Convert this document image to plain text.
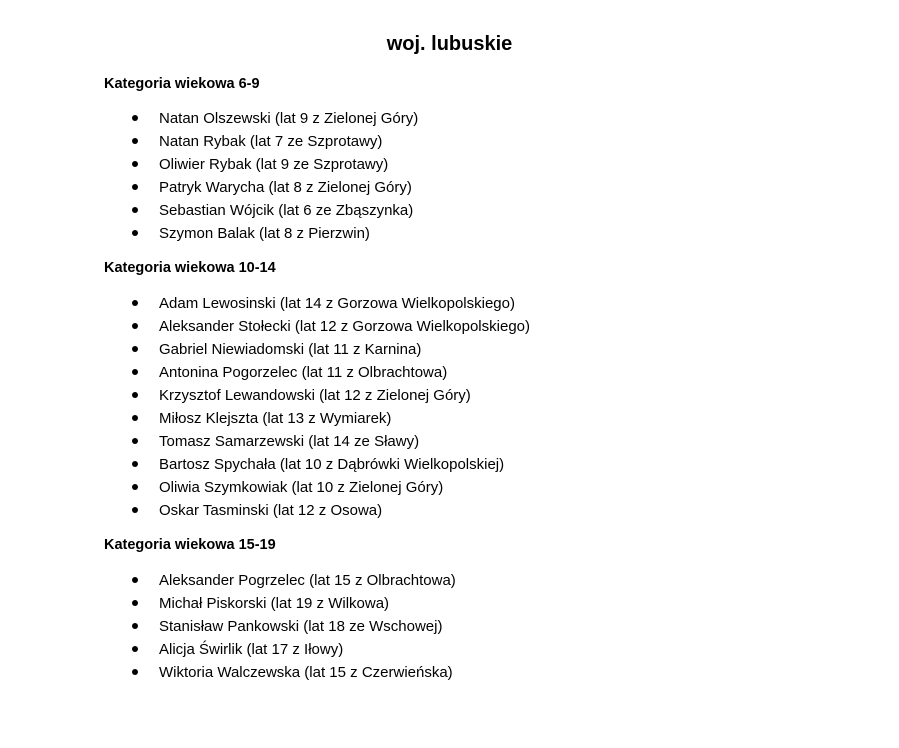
woj. lubuskie
Kategoria wiekowa 6-9
Natan Olszewski (lat 9 z Zielonej Góry)
Natan Rybak (lat 7 ze Szprotawy)
Oliwier Rybak (lat 9 ze Szprotawy)
Patryk Warycha (lat 8 z Zielonej Góry)
Sebastian Wójcik (lat 6 ze Zbąszynka)
Szymon Balak (lat 8 z Pierzwin)
Kategoria wiekowa 10-14
Adam Lewosinski (lat 14 z Gorzowa Wielkopolskiego)
Aleksander Stołecki (lat 12 z Gorzowa Wielkopolskiego)
Gabriel Niewiadomski (lat 11 z Karnina)
Antonina Pogorzelec (lat 11 z Olbrachtowa)
Krzysztof Lewandowski (lat 12 z Zielonej Góry)
Miłosz Klejszta (lat 13 z Wymiarek)
Tomasz Samarzewski (lat 14 ze Sławy)
Bartosz Spychała (lat 10 z Dąbrówki Wielkopolskiej)
Oliwia Szymkowiak (lat 10 z Zielonej Góry)
Oskar Tasminski (lat 12 z Osowa)
Kategoria wiekowa 15-19
Aleksander Pogrzelec (lat 15 z Olbrachtowa)
Michał Piskorski (lat 19 z Wilkowa)
Stanisław Pankowski (lat 18 ze Wschowej)
Alicja Świrlik (lat 17 z Iłowy)
Wiktoria Walczewska (lat 15 z Czerwieńska)
